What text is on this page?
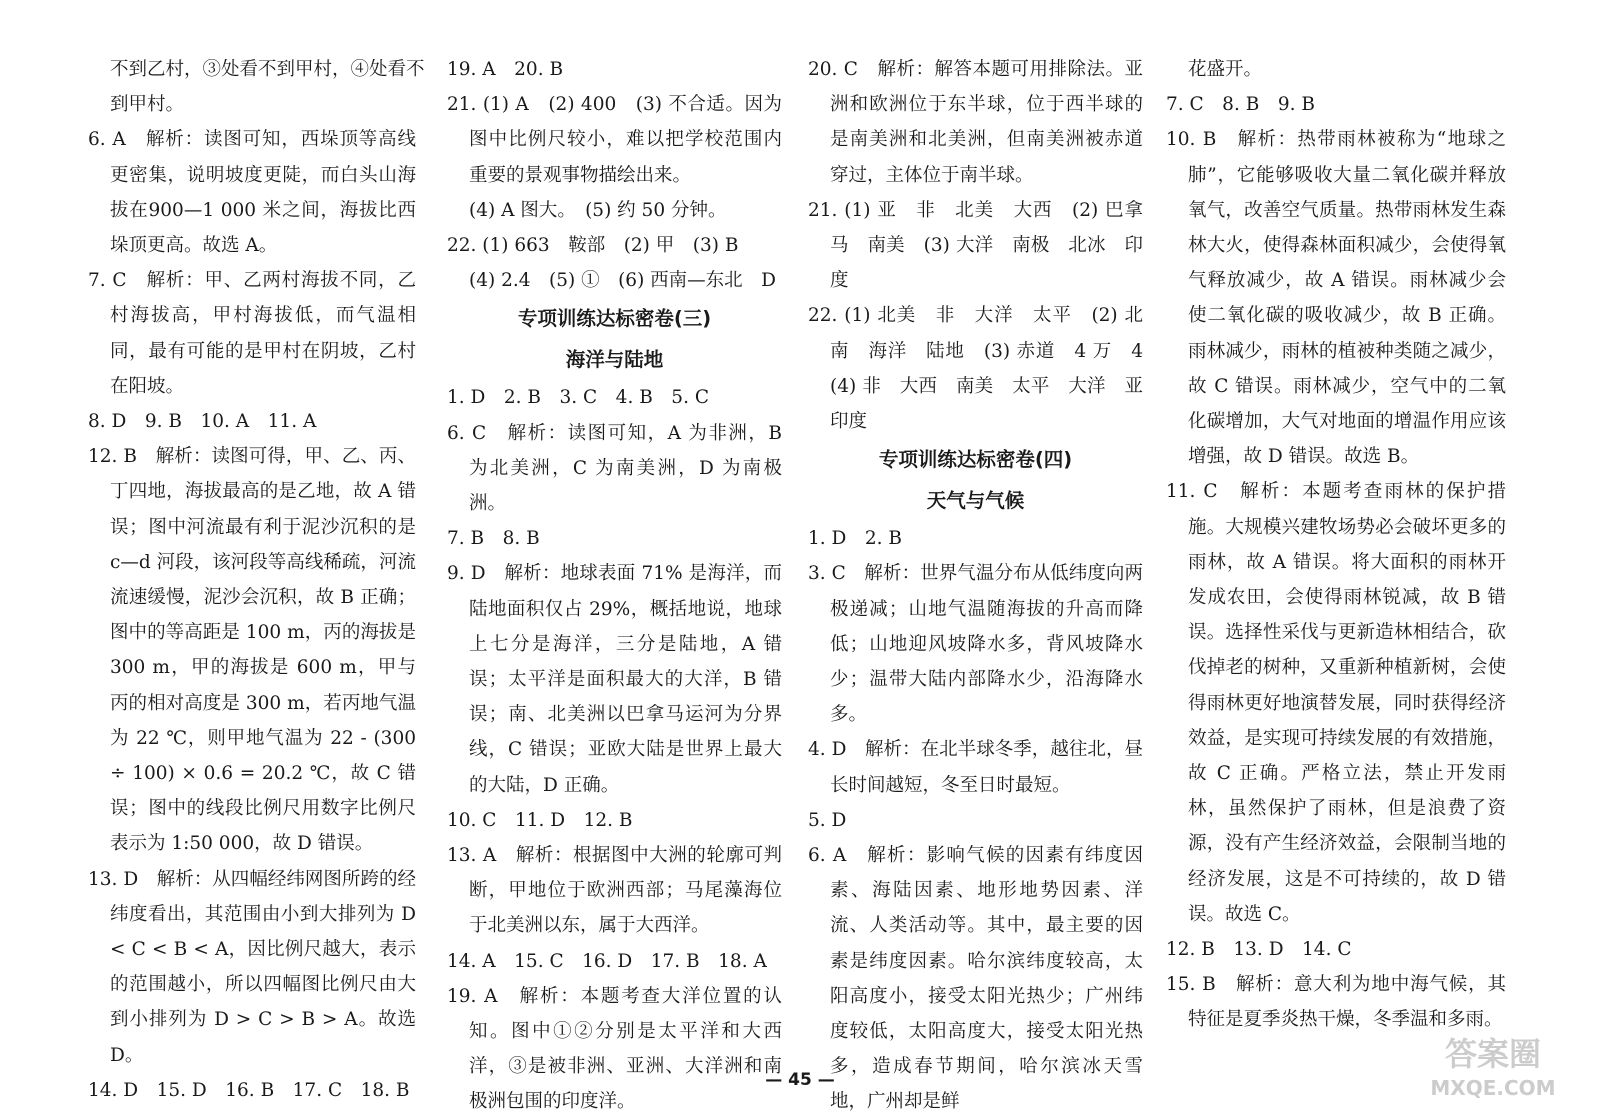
不到乙村，③处看不到甲村，④处看不

到甲村。

6. A　解析：读图可知，西垛顶等高线更密集，说明坡度更陡，而白头山海拔在900—1 000 米之间，海拔比西垛顶更高。故选 A。

7. C　解析：甲、乙两村海拔不同，乙村海拔高，甲村海拔低，而气温相同，最有可能的是甲村在阴坡，乙村在阳坡。

8. D　9. B　10. A　11. A

12. B　解析：读图可得，甲、乙、丙、丁四地，海拔最高的是乙地，故 A 错误；图中河流最有利于泥沙沉积的是 c—d 河段，该河段等高线稀疏，河流流速缓慢，泥沙会沉积，故 B 正确；图中的等高距是 100 m，丙的海拔是 300 m，甲的海拔是 600 m，甲与丙的相对高度是 300 m，若丙地气温为 22 ℃，则甲地气温为 22 - (300 ÷ 100) × 0.6 = 20.2 ℃，故 C 错误；图中的线段比例尺用数字比例尺表示为 1:50 000，故 D 错误。

13. D　解析：从四幅经纬网图所跨的经纬度看出，其范围由小到大排列为 D < C < B < A，因比例尺越大，表示的范围越小，所以四幅图比例尺由大到小排列为 D > C > B > A。故选 D。

14. D　15. D　16. B　17. C　18. B

19. A　20. B

21. (1) A　(2) 400　(3) 不合适。因为图中比例尺较小，难以把学校范围内重要的景观事物描绘出来。

(4) A 图大。　(5) 约 50 分钟。

22. (1) 663　鞍部　(2) 甲　(3) B

(4) 2.4　(5) ①　(6) 西南—东北　D

专项训练达标密卷(三)

海洋与陆地

1. D　2. B　3. C　4. B　5. C

6. C　解析：读图可知，A 为非洲，B 为北美洲，C 为南美洲，D 为南极洲。

7. B　8. B

9. D　解析：地球表面 71% 是海洋，而陆地面积仅占 29%，概括地说，地球上七分是海洋，三分是陆地，A 错误；太平洋是面积最大的大洋，B 错误；南、北美洲以巴拿马运河为分界线，C 错误；亚欧大陆是世界上最大的大陆，D 正确。

10. C　11. D　12. B

13. A　解析：根据图中大洲的轮廓可判断，甲地位于欧洲西部；马尾藻海位于北美洲以东，属于大西洋。

14. A　15. C　16. D　17. B　18. A

19. A　解析：本题考查大洋位置的认知。图中①②分别是太平洋和大西洋，③是被非洲、亚洲、大洋洲和南极洲包围的印度洋。

20. C　解析：解答本题可用排除法。亚洲和欧洲位于东半球，位于西半球的是南美洲和北美洲，但南美洲被赤道穿过，主体位于南半球。

21. (1) 亚　非　北美　大西　(2) 巴拿马　南美　(3) 大洋　南极　北冰　印度

22. (1) 北美　非　大洋　太平　(2) 北　南　海洋　陆地　(3) 赤道　4 万　4　(4) 非　大西　南美　太平　大洋　亚　印度

专项训练达标密卷(四)

天气与气候

1. D　2. B

3. C　解析：世界气温分布从低纬度向两极递减；山地气温随海拔的升高而降低；山地迎风坡降水多，背风坡降水少；温带大陆内部降水少，沿海降水多。

4. D　解析：在北半球冬季，越往北，昼长时间越短，冬至日时最短。

5. D

6. A　解析：影响气候的因素有纬度因素、海陆因素、地形地势因素、洋流、人类活动等。其中，最主要的因素是纬度因素。哈尔滨纬度较高，太阳高度小，接受太阳光热少；广州纬度较低，太阳高度大，接受太阳光热多，造成春节期间，哈尔滨冰天雪地，广州却是鲜

花盛开。

7. C　8. B　9. B

10. B　解析：热带雨林被称为“地球之肺”，它能够吸收大量二氧化碳并释放氧气，改善空气质量。热带雨林发生森林大火，使得森林面积减少，会使得氧气释放减少，故 A 错误。雨林减少会使二氧化碳的吸收减少，故 B 正确。雨林减少，雨林的植被种类随之减少，故 C 错误。雨林减少，空气中的二氧化碳增加，大气对地面的增温作用应该增强，故 D 错误。故选 B。

11. C　解析：本题考查雨林的保护措施。大规模兴建牧场势必会破坏更多的雨林，故 A 错误。将大面积的雨林开发成农田，会使得雨林锐减，故 B 错误。选择性采伐与更新造林相结合，砍伐掉老的树种，又重新种植新树，会使得雨林更好地演替发展，同时获得经济效益，是实现可持续发展的有效措施，故 C 正确。严格立法，禁止开发雨林，虽然保护了雨林，但是浪费了资源，没有产生经济效益，会限制当地的经济发展，这是不可持续的，故 D 错误。故选 C。

12. B　13. D　14. C

15. B　解析：意大利为地中海气候，其特征是夏季炎热干燥，冬季温和多雨。

— 45 —
答案圈
MXQE.COM
